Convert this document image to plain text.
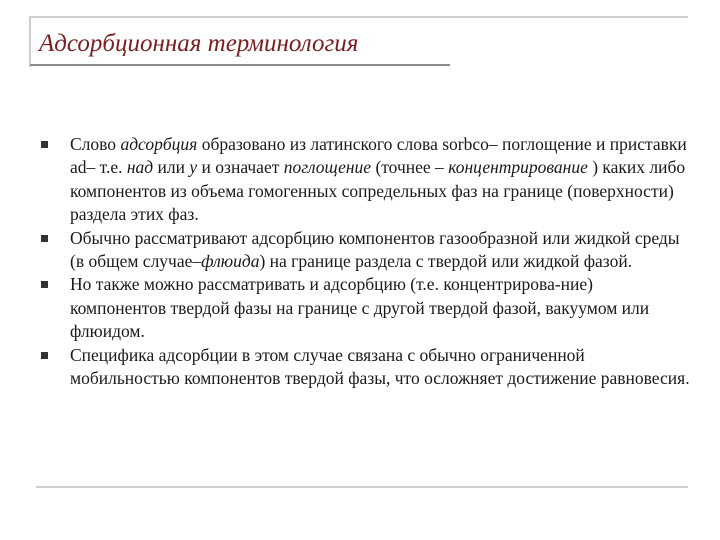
Адсорбционная терминология
Слово адсорбция образовано из латинского слова sorbco– поглощение и приставки ad– т.е. над или у и означает поглощение (точнее – концентрирование ) каких либо компонентов из объема гомогенных сопредельных фаз на границе (поверхности) раздела этих фаз.
Обычно рассматривают адсорбцию компонентов газообразной или жидкой среды (в общем случае–флюида) на границе раздела с твердой или жидкой фазой.
Но также можно рассматривать и адсорбцию (т.е. концентрирова-ние) компонентов твердой фазы на границе с другой твердой фазой, вакуумом или флюидом.
Специфика адсорбции в этом случае связана с обычно ограниченной мобильностью компонентов твердой фазы, что осложняет достижение равновесия.
